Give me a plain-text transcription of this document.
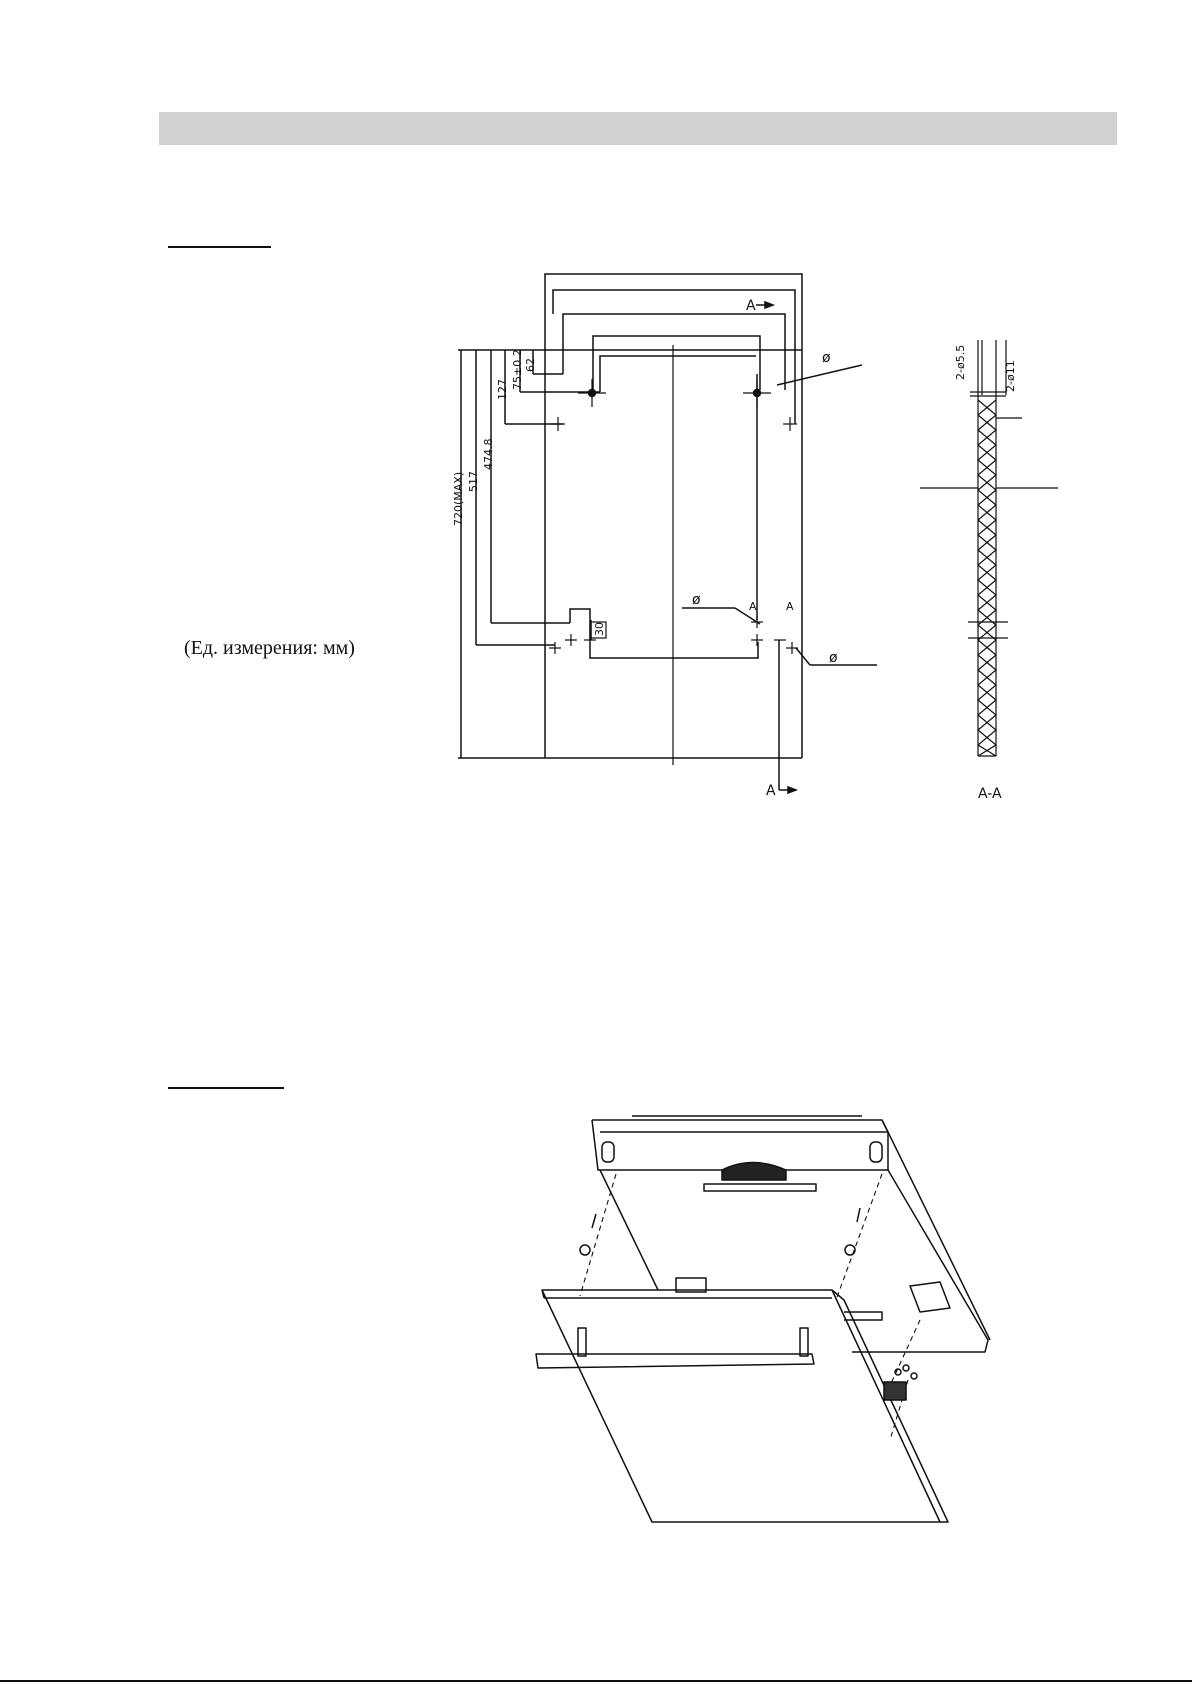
(Ед. измерения: мм)
720(MAX) 517
474.8
127 75±0.2 62
30
ø
ø
ø
A
A
A	A
2-ø5.5	2-ø11
A-A
